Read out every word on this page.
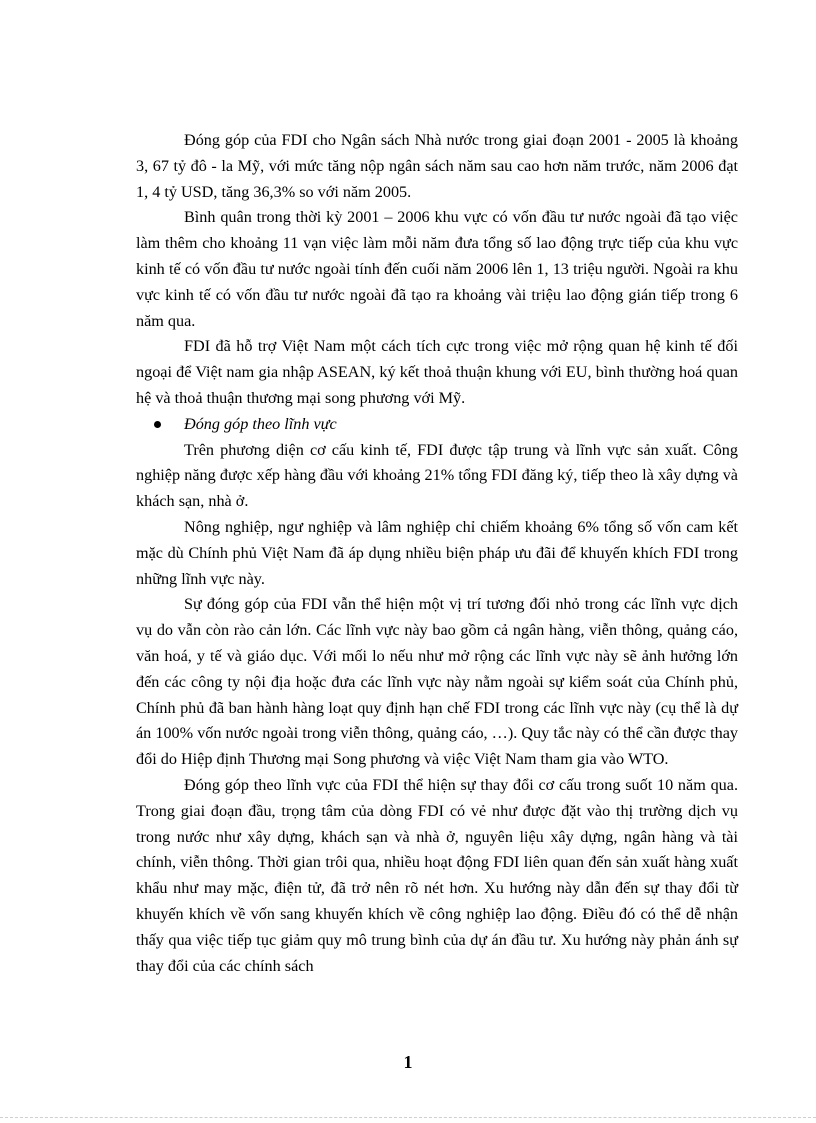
Đóng góp của FDI cho Ngân sách Nhà nước trong giai đoạn 2001 - 2005 là khoảng 3, 67 tỷ đô - la Mỹ, với mức tăng nộp ngân sách năm sau cao hơn năm trước, năm 2006 đạt 1, 4 tỷ USD, tăng 36,3% so với năm 2005.

Bình quân trong thời kỳ 2001 – 2006 khu vực có vốn đầu tư nước ngoài đã tạo việc làm thêm cho khoảng 11 vạn việc làm mỗi năm đưa tổng số lao động trực tiếp của khu vực kinh tế có vốn đầu tư nước ngoài tính đến cuối năm 2006 lên 1, 13 triệu người. Ngoài ra khu vực kinh tế có vốn đầu tư nước ngoài đã tạo ra khoảng vài triệu lao động gián tiếp trong 6 năm qua.

FDI đã hỗ trợ Việt Nam một cách tích cực trong việc mở rộng quan hệ kinh tế đối ngoại để Việt nam gia nhập ASEAN, ký kết thoả thuận khung với EU, bình thường hoá quan hệ và thoả thuận thương mại song phương với Mỹ.

Đóng góp theo lĩnh vực

Trên phương diện cơ cấu kinh tế, FDI được tập trung và lĩnh vực sản xuất. Công nghiệp năng được xếp hàng đầu với khoảng 21% tổng FDI đăng ký, tiếp theo là xây dựng và khách sạn, nhà ở.

Nông nghiệp, ngư nghiệp và lâm nghiệp chỉ chiếm khoảng 6% tổng số vốn cam kết mặc dù Chính phủ Việt Nam đã áp dụng nhiều biện pháp ưu đãi để khuyến khích FDI trong những lĩnh vực này.

Sự đóng góp của FDI vẫn thể hiện một vị trí tương đối nhỏ trong các lĩnh vực dịch vụ do vẫn còn rào cản lớn. Các lĩnh vực này bao gồm cả ngân hàng, viễn thông, quảng cáo, văn hoá, y tế và giáo dục. Với mối lo nếu như mở rộng các lĩnh vực này sẽ ảnh hưởng lớn đến các công ty nội địa hoặc đưa các lĩnh vực này nằm ngoài sự kiểm soát của Chính phủ, Chính phủ đã ban hành hàng loạt quy định hạn chế FDI trong các lĩnh vực này (cụ thể là dự án 100% vốn nước ngoài trong viễn thông, quảng cáo, …). Quy tắc này có thể cần được thay đổi do Hiệp định Thương mại Song phương và việc Việt Nam tham gia vào WTO.

Đóng góp theo lĩnh vực của FDI thể hiện sự thay đổi cơ cấu trong suốt 10 năm qua. Trong giai đoạn đầu, trọng tâm của dòng FDI có vẻ như được đặt vào thị trường dịch vụ trong nước như xây dựng, khách sạn và nhà ở, nguyên liệu xây dựng, ngân hàng và tài chính, viễn thông. Thời gian trôi qua, nhiều hoạt động FDI liên quan đến sản xuất hàng xuất khẩu như may mặc, điện tử, đã trở nên rõ nét hơn. Xu hướng này dẫn đến sự thay đổi từ khuyến khích về vốn sang khuyến khích về công nghiệp lao động. Điều đó có thể dễ nhận thấy qua việc tiếp tục giảm quy mô trung bình của dự án đầu tư. Xu hướng này phản ánh sự thay đổi của các chính sách

1
